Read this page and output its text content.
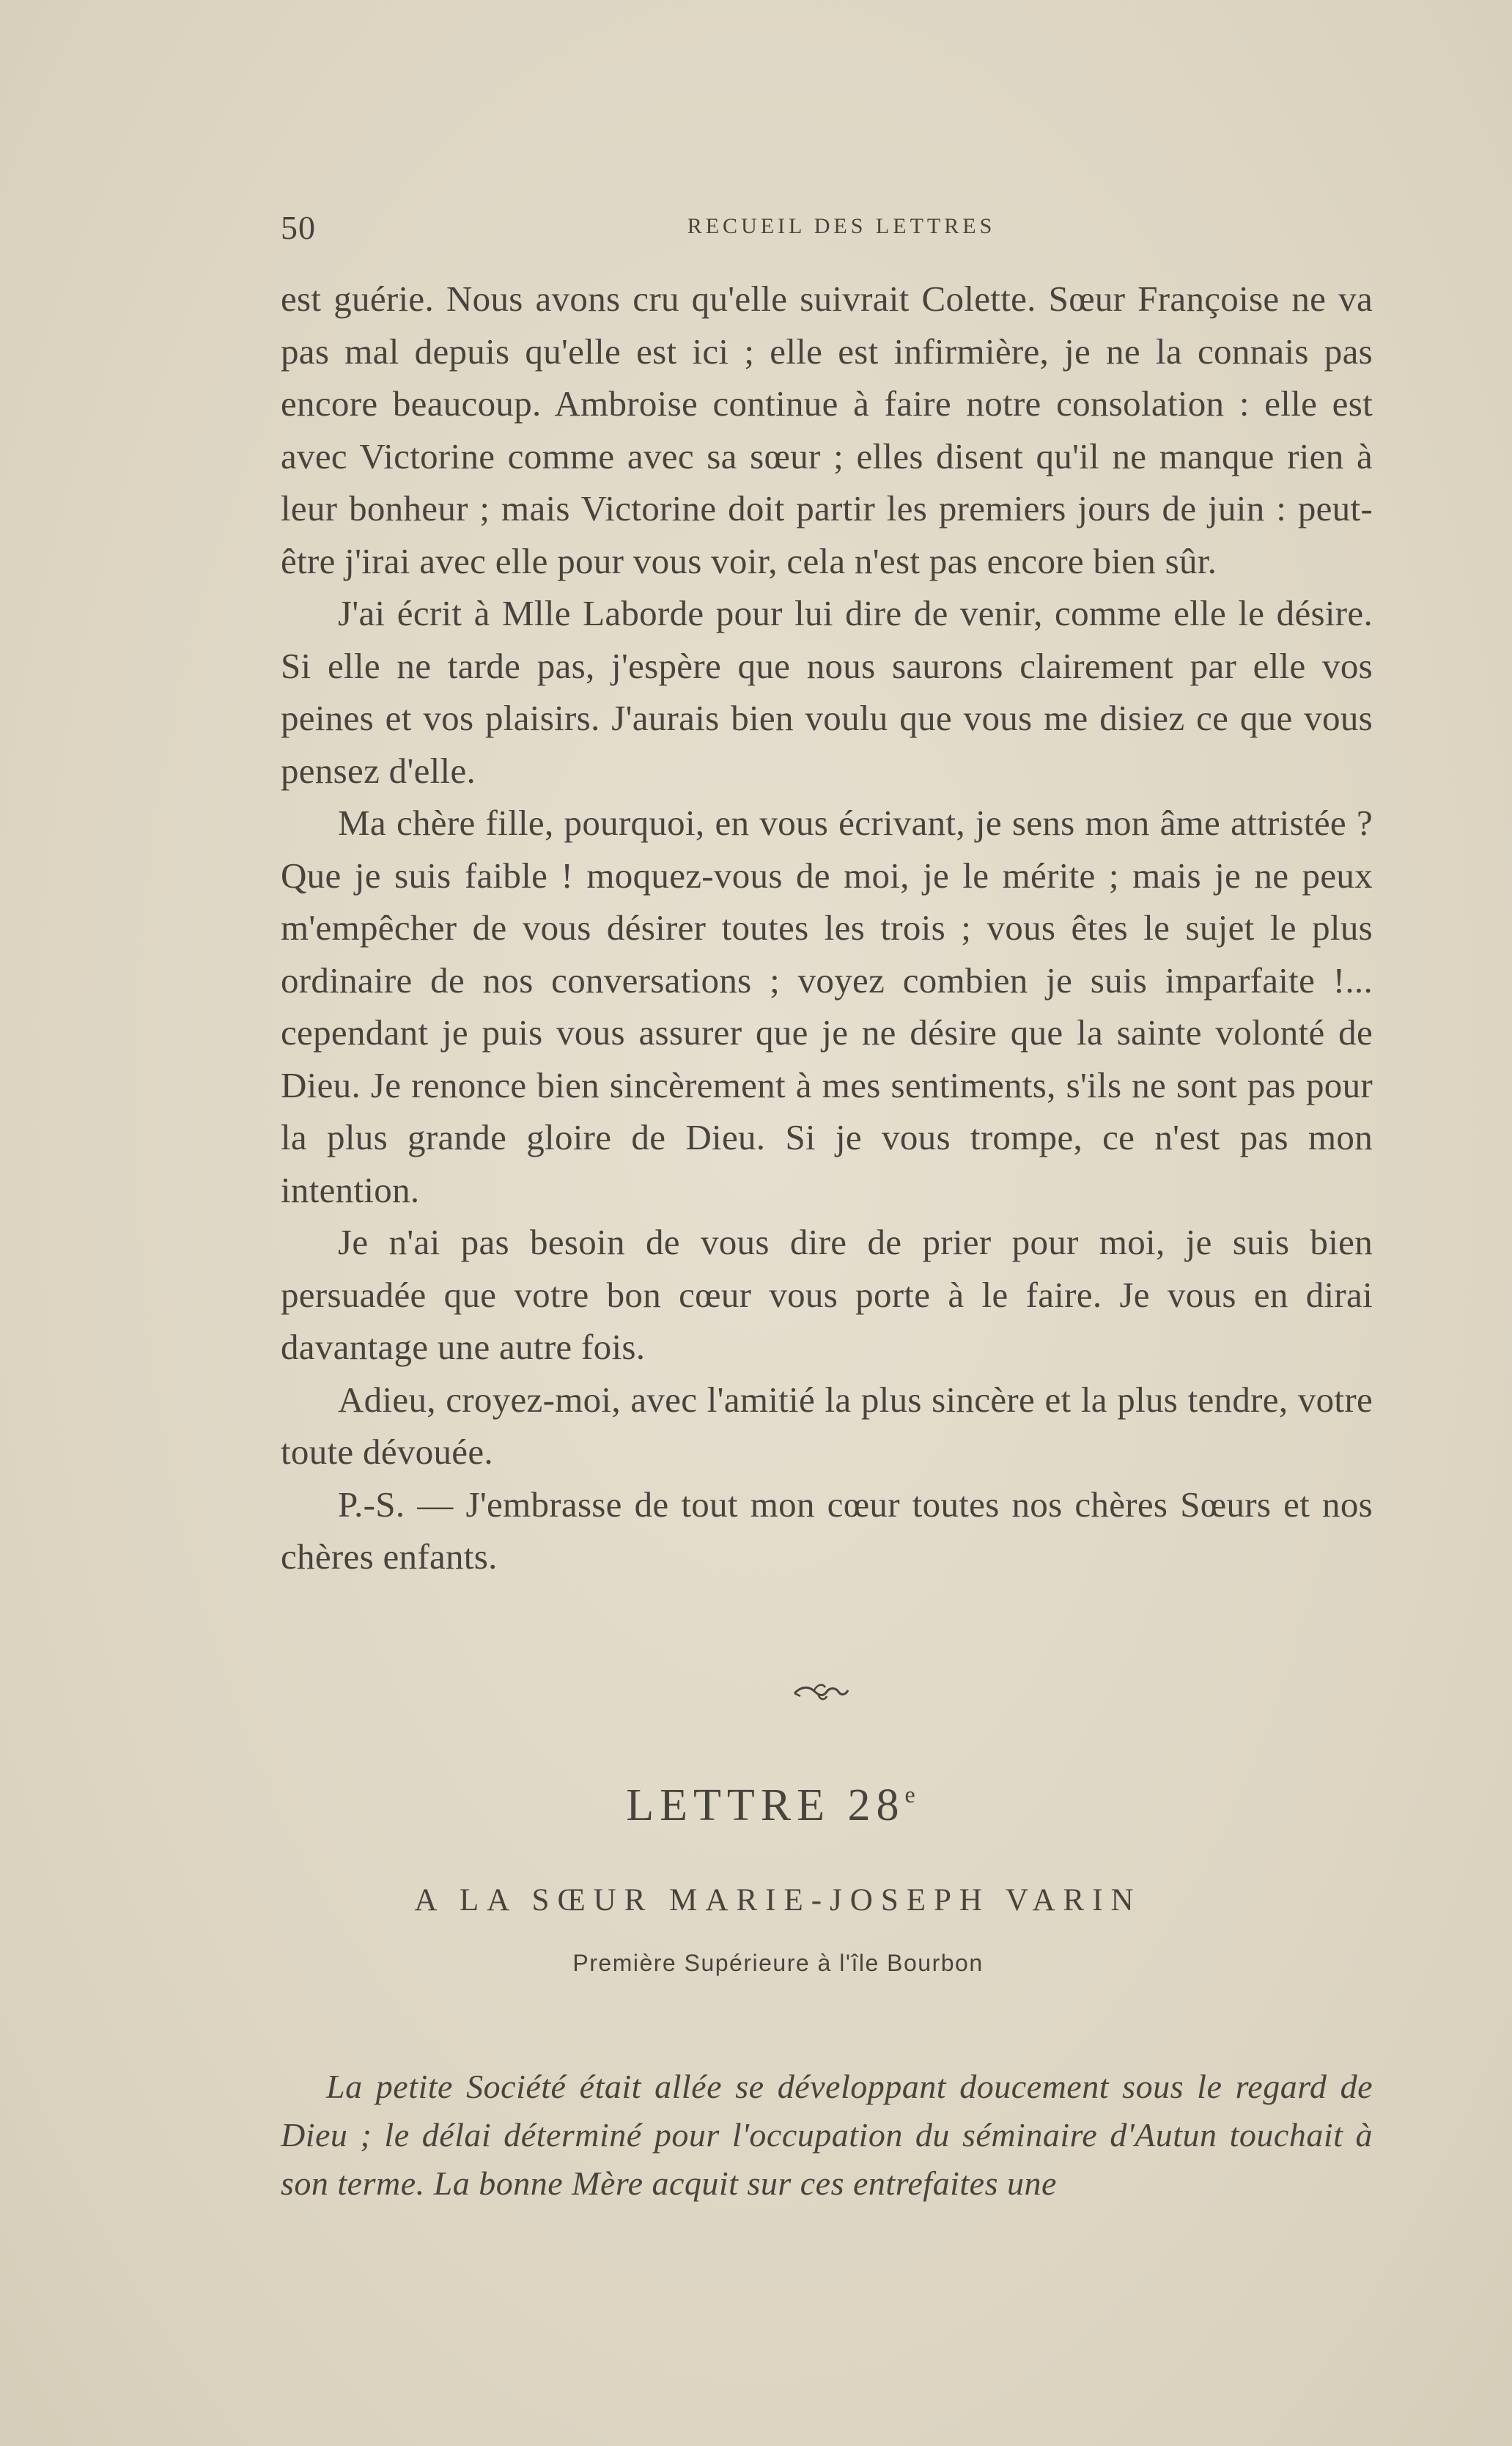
50	RECUEIL DES LETTRES

est guérie. Nous avons cru qu'elle suivrait Colette. Sœur Françoise ne va pas mal depuis qu'elle est ici ; elle est infirmière, je ne la connais pas encore beaucoup. Ambroise continue à faire notre consolation : elle est avec Victorine comme avec sa sœur ; elles disent qu'il ne manque rien à leur bonheur ; mais Victorine doit partir les premiers jours de juin : peut-être j'irai avec elle pour vous voir, cela n'est pas encore bien sûr.

J'ai écrit à Mlle Laborde pour lui dire de venir, comme elle le désire. Si elle ne tarde pas, j'espère que nous saurons clairement par elle vos peines et vos plaisirs. J'aurais bien voulu que vous me disiez ce que vous pensez d'elle.

Ma chère fille, pourquoi, en vous écrivant, je sens mon âme attristée ? Que je suis faible ! moquez-vous de moi, je le mérite ; mais je ne peux m'empêcher de vous désirer toutes les trois ; vous êtes le sujet le plus ordinaire de nos conversations ; voyez combien je suis imparfaite !... cependant je puis vous assurer que je ne désire que la sainte volonté de Dieu. Je renonce bien sincèrement à mes sentiments, s'ils ne sont pas pour la plus grande gloire de Dieu. Si je vous trompe, ce n'est pas mon intention.

Je n'ai pas besoin de vous dire de prier pour moi, je suis bien persuadée que votre bon cœur vous porte à le faire. Je vous en dirai davantage une autre fois.

Adieu, croyez-moi, avec l'amitié la plus sincère et la plus tendre, votre toute dévouée.

P.-S. — J'embrasse de tout mon cœur toutes nos chères Sœurs et nos chères enfants.

LETTRE 28e
A LA SŒUR MARIE-JOSEPH VARIN
Première Supérieure à l'île Bourbon

La petite Société était allée se développant doucement sous le regard de Dieu ; le délai déterminé pour l'occupation du séminaire d'Autun touchait à son terme. La bonne Mère acquit sur ces entrefaites une
